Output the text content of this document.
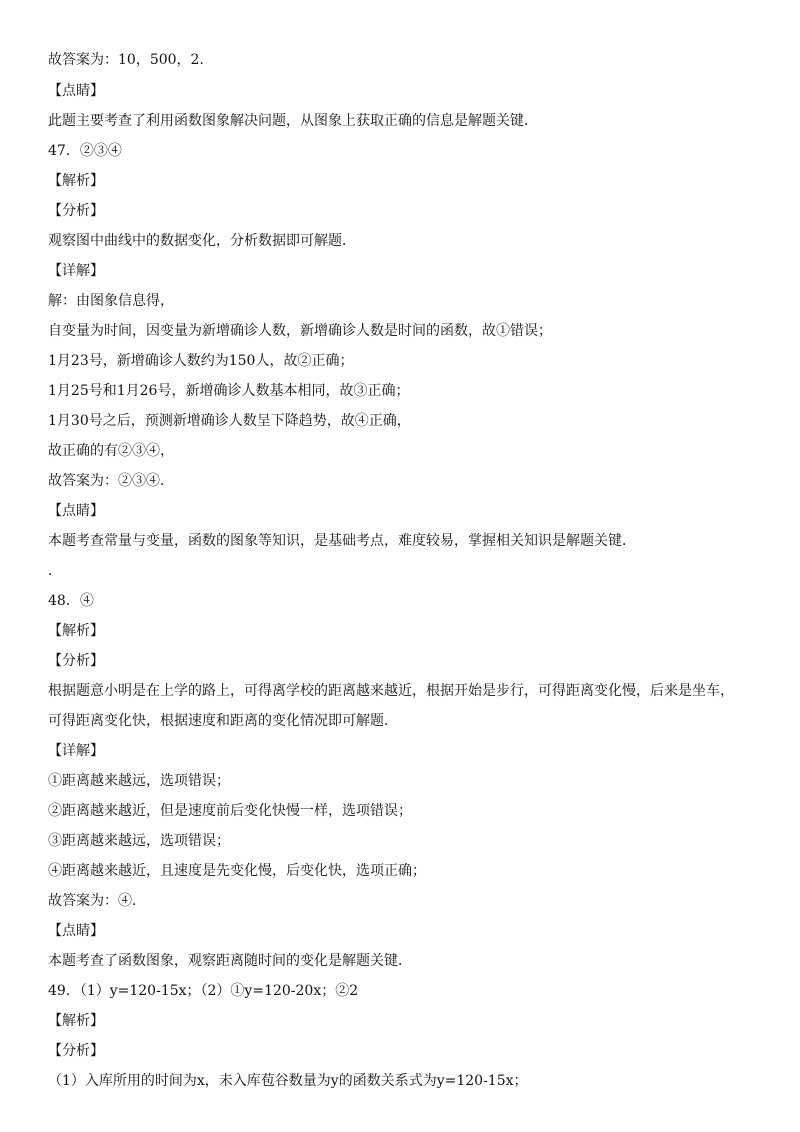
故答案为：10，500，2．
【点睛】
此题主要考查了利用函数图象解决问题，从图象上获取正确的信息是解题关键．
47．②③④
【解析】
【分析】
观察图中曲线中的数据变化，分析数据即可解题．
【详解】
解：由图象信息得，
自变量为时间，因变量为新增确诊人数，新增确诊人数是时间的函数，故①错误；
1月23号，新增确诊人数约为150人，故②正确；
1月25号和1月26号，新增确诊人数基本相同，故③正确；
1月30号之后，预测新增确诊人数呈下降趋势，故④正确，
故正确的有②③④，
故答案为：②③④．
【点睛】
本题考查常量与变量，函数的图象等知识，是基础考点，难度较易，掌握相关知识是解题关键．
．
48．④
【解析】
【分析】
根据题意小明是在上学的路上，可得离学校的距离越来越近，根据开始是步行，可得距离变化慢，后来是坐车，
可得距离变化快，根据速度和距离的变化情况即可解题．
【详解】
①距离越来越远，选项错误；
②距离越来越近，但是速度前后变化快慢一样，选项错误；
③距离越来越远，选项错误；
④距离越来越近，且速度是先变化慢，后变化快，选项正确；
故答案为：④．
【点睛】
本题考查了函数图象，观察距离随时间的变化是解题关键．
49．（1）y=120-15x；（2）①y=120-20x；②2
【解析】
【分析】
（1）入库所用的时间为x，未入库苞谷数量为y的函数关系式为y=120-15x；
